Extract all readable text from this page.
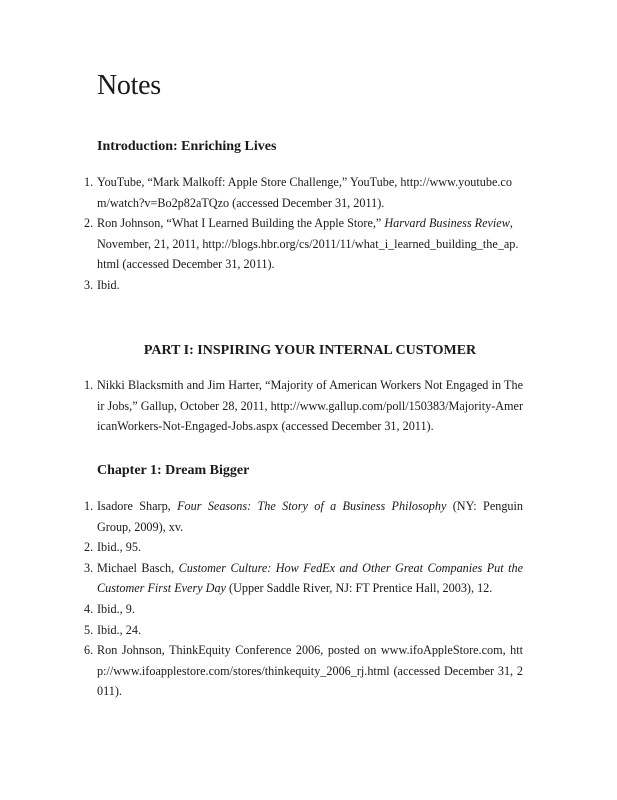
Notes
Introduction: Enriching Lives
1. YouTube, “Mark Malkoff: Apple Store Challenge,” YouTube, http://www.youtube.com/watch?v=Bo2p82aTQzo (accessed December 31, 2011).
2. Ron Johnson, “What I Learned Building the Apple Store,” Harvard Business Review, November, 21, 2011, http://blogs.hbr.org/cs/2011/11/what_i_learned_building_the_ap.html (accessed December 31, 2011).
3. Ibid.
PART I: INSPIRING YOUR INTERNAL CUSTOMER
1. Nikki Blacksmith and Jim Harter, “Majority of American Workers Not Engaged in Their Jobs,” Gallup, October 28, 2011, http://www.gallup.com/poll/150383/Majority-AmericanWorkers-Not-Engaged-Jobs.aspx (accessed December 31, 2011).
Chapter 1: Dream Bigger
1. Isadore Sharp, Four Seasons: The Story of a Business Philosophy (NY: Penguin Group, 2009), xv.
2. Ibid., 95.
3. Michael Basch, Customer Culture: How FedEx and Other Great Companies Put the Customer First Every Day (Upper Saddle River, NJ: FT Prentice Hall, 2003), 12.
4. Ibid., 9.
5. Ibid., 24.
6. Ron Johnson, ThinkEquity Conference 2006, posted on www.ifoAppleStore.com, http://www.ifoapplestore.com/stores/thinkequity_2006_rj.html (accessed December 31, 2011).
